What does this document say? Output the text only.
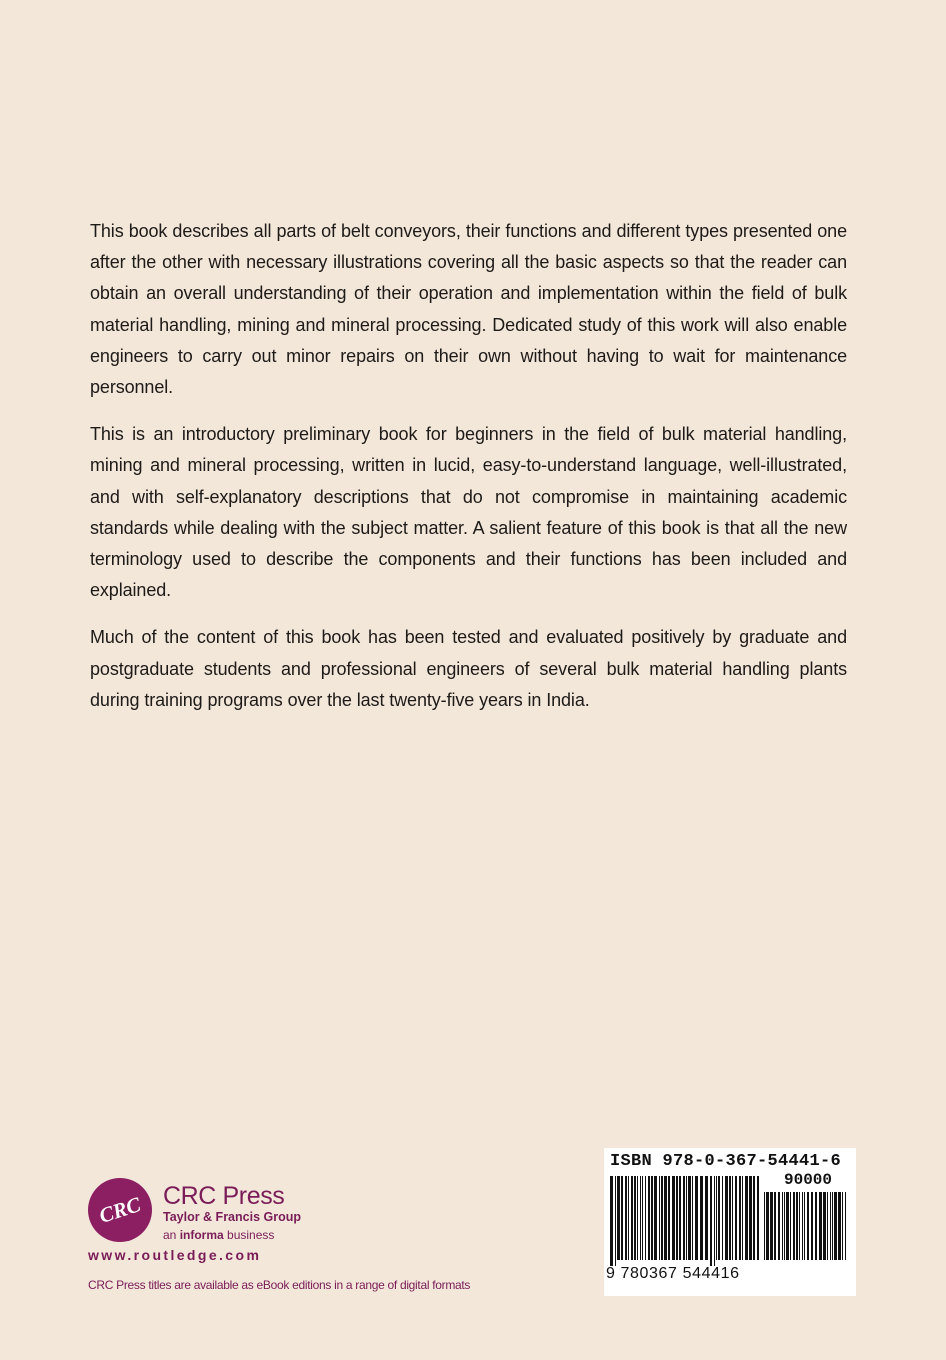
This book describes all parts of belt conveyors, their functions and different types presented one after the other with necessary illustrations covering all the basic aspects so that the reader can obtain an overall understanding of their operation and implementation within the field of bulk material handling, mining and mineral processing. Dedicated study of this work will also enable engineers to carry out minor repairs on their own without having to wait for maintenance personnel.

This is an introductory preliminary book for beginners in the field of bulk material handling, mining and mineral processing, written in lucid, easy-to-understand language, well-illustrated, and with self-explanatory descriptions that do not compromise in maintaining academic standards while dealing with the subject matter. A salient feature of this book is that all the new terminology used to describe the components and their functions has been included and explained.

Much of the content of this book has been tested and evaluated positively by graduate and postgraduate students and professional engineers of several bulk material handling plants during training programs over the last twenty-five years in India.

CRC CRC Press
Taylor & Francis Group
an informa business
www.routledge.com
CRC Press titles are available as eBook editions in a range of digital formats
ISBN 978-0-367-54441-6
90000
9 780367 544416
